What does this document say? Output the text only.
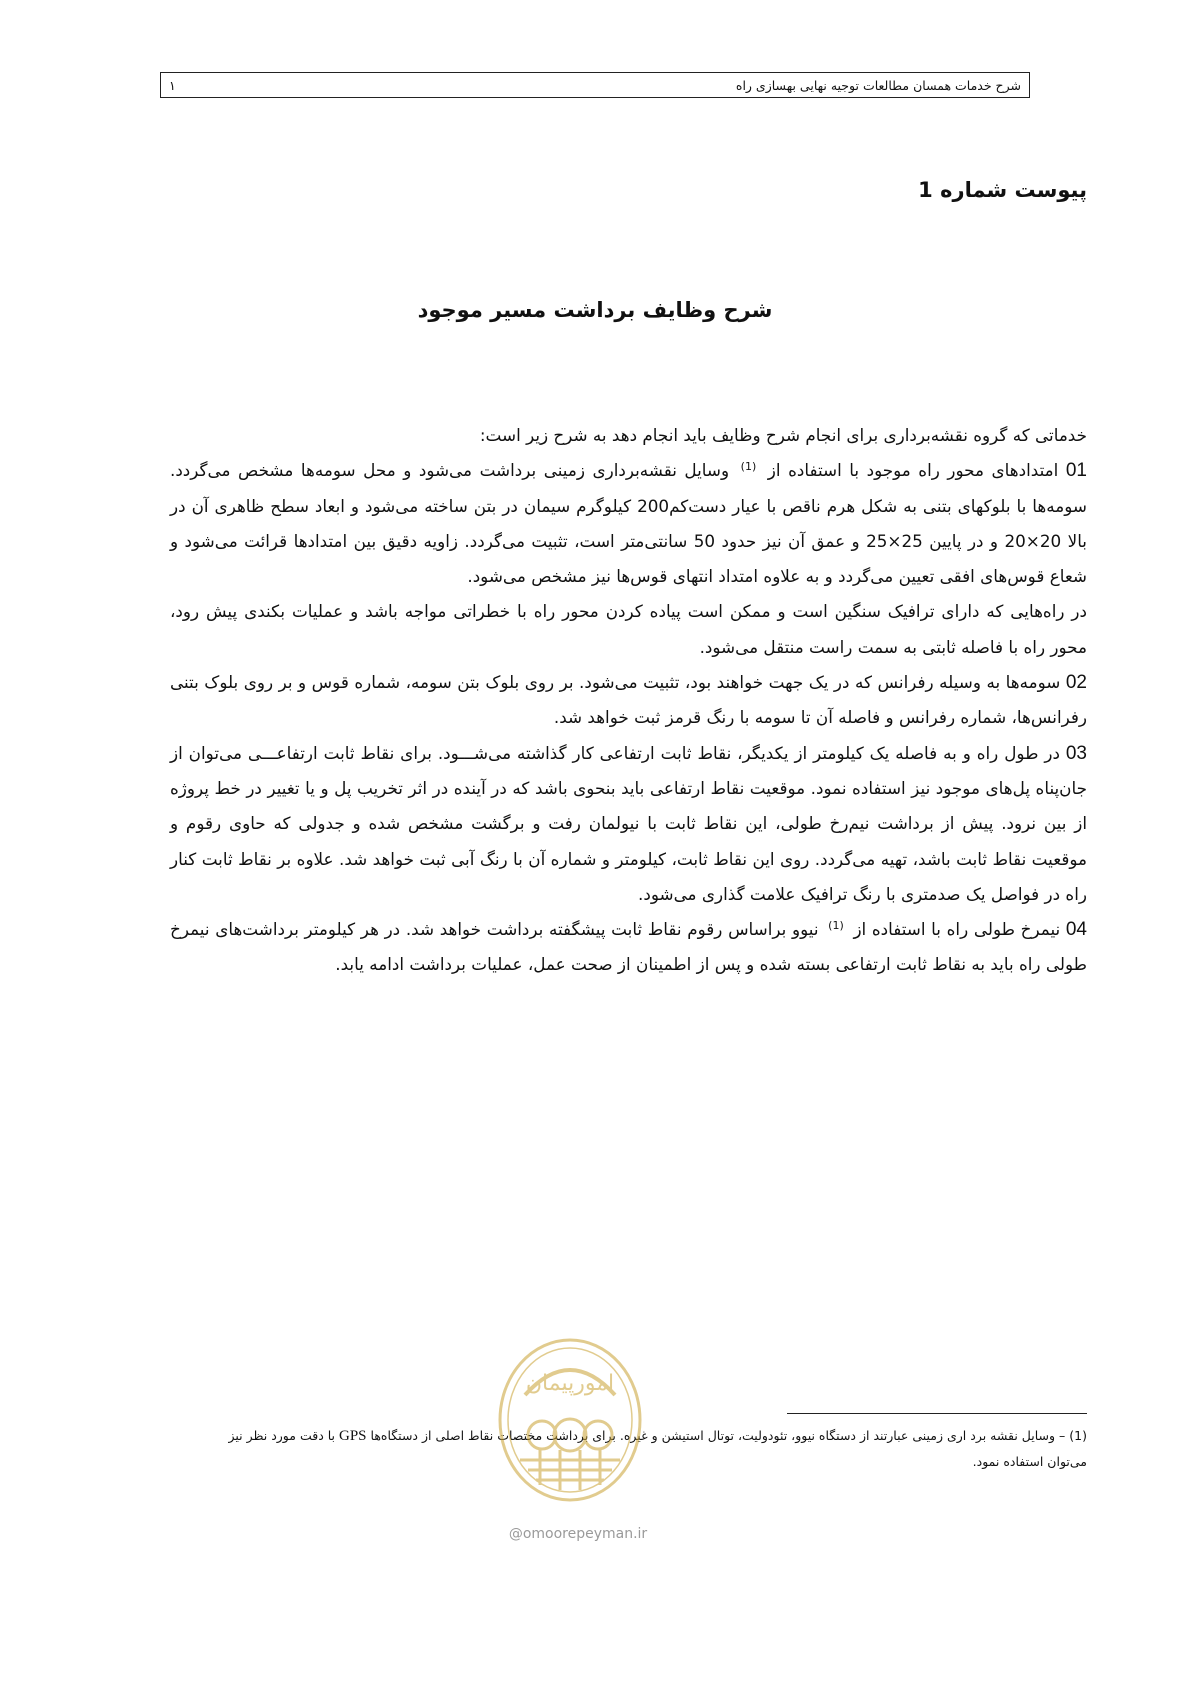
شرح خدمات همسان مطالعات توجیه نهایی بهسازی راه
۱
پیوست شماره 1
شرح وظایف برداشت مسیر موجود

خدماتی که گروه نقشه‌برداری برای انجام شرح وظایف باید انجام دهد به شرح زیر است:

01 امتدادهای محور راه موجود با استفاده از $^{(1)}$ وسایل نقشه‌برداری زمینی برداشت می‌شود و محل سومه‌ها مشخص می‌گردد. سومه‌ها با بلوکهای بتنی به شکل هرم ناقص با عیار دست‌کم200 کیلوگرم سیمان در بتن ساخته می‌شود و ابعاد سطح ظاهری آن در بالا 20×20 و در پایین 25×25 و عمق آن نیز حدود 50 سانتی‌متر است، تثبیت می‌گردد. زاویه دقیق بین امتدادها قرائت می‌شود و شعاع قوس‌های افقی تعیین می‌گردد و به علاوه امتداد انتهای قوس‌ها نیز مشخص می‌شود.

در راه‌هایی که دارای ترافیک سنگین است و ممکن است پیاده کردن محور راه با خطراتی مواجه باشد و عملیات بکندی پیش رود، محور راه با فاصله ثابتی به سمت راست منتقل می‌شود.

02 سومه‌ها به وسیله رفرانس که در یک جهت خواهند بود، تثبیت می‌شود. بر روی بلوک بتن سومه، شماره قوس و بر روی بلوک بتنی رفرانس‌ها، شماره رفرانس و فاصله آن تا سومه با رنگ قرمز ثبت خواهد شد.

03 در طول راه و به فاصله یک کیلومتر از یکدیگر، نقاط ثابت ارتفاعی کار گذاشته می‌شـــود. برای نقاط ثابت ارتفاعـــی می‌توان از جان‌پناه پل‌های موجود نیز استفاده نمود. موقعیت نقاط ارتفاعی باید بنحوی باشد که در آینده در اثر تخریب پل و یا تغییر در خط پروژه از بین نرود. پیش از برداشت نیم‌رخ طولی، این نقاط ثابت با نیولمان رفت و برگشت مشخص شده و جدولی که حاوی رقوم و موقعیت نقاط ثابت باشد، تهیه می‌گردد. روی این نقاط ثابت، کیلومتر و شماره آن با رنگ آبی ثبت خواهد شد. علاوه بر نقاط ثابت کنار راه در فواصل یک صدمتری با رنگ ترافیک علامت گذاری می‌شود.

04 نیمرخ طولی راه با استفاده از $^{(1)}$ نیوو براساس رقوم نقاط ثابت پیشگفته برداشت خواهد شد. در هر کیلومتر برداشت‌های نیمرخ طولی راه باید به نقاط ثابت ارتفاعی بسته شده و پس از اطمینان از صحت عمل، عملیات برداشت ادامه یابد.

(1) – وسایل نقشه برد اری زمینی عبارتند از دستگاه نیوو، تئودولیت، توتال استیشن و غیره. برای برداشت مختصات نقاط اصلی از دستگاه‌ها GPS با دقت مورد نظر نیز می‌توان استفاده نمود.
امورپیمان
@omoorepeyman.ir
